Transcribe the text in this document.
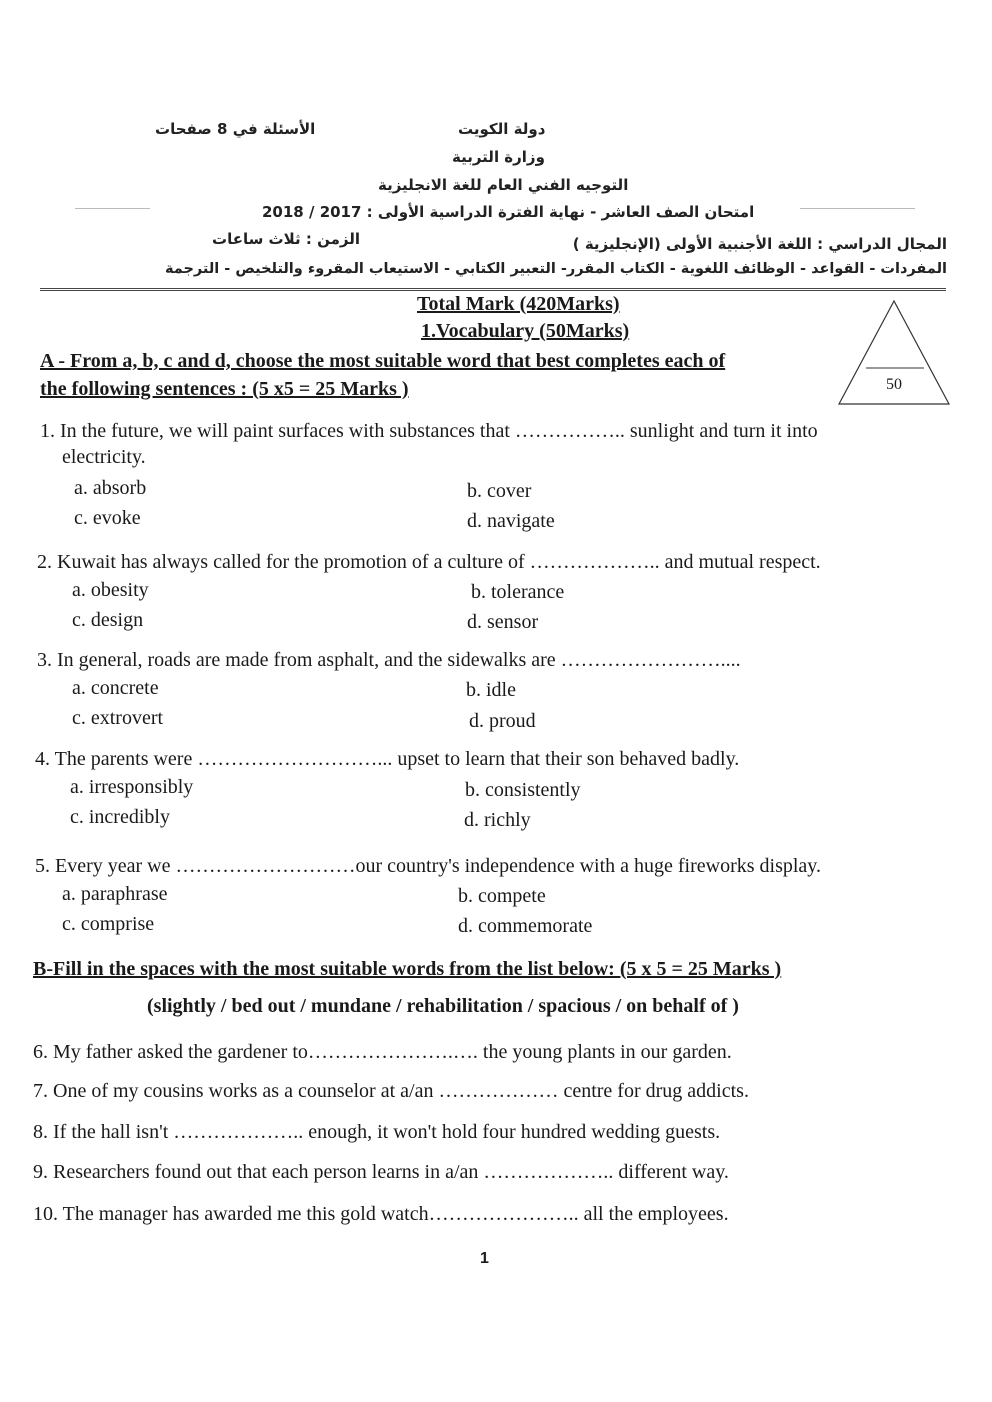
الأسئلة في 8 صفحات	دولة الكويت
وزارة التربية
التوجيه الفني العام للغة الانجليزية
امتحان الصف العاشر - نهاية الفترة الدراسية الأولى : 2017 / 2018
المجال الدراسي : اللغة الأجنبية الأولى (الإنجليزية )
الزمن : ثلاث ساعات
المفردات - القواعد - الوظائف اللغوية - الكتاب المقرر- التعبير الكتابي - الاستيعاب المقروء والتلخيص - الترجمة
Total Mark (420Marks)
1.Vocabulary (50Marks)
50
A - From a, b, c and d, choose the most suitable word that best completes each of
the following sentences : (5 x5 = 25 Marks )
1. In the future, we will paint surfaces with substances that …………….. sunlight and turn it into
electricity.
a. absorb	b. cover
c. evoke	d. navigate
2. Kuwait has always called for the promotion of a culture of ……………….. and mutual respect.
a. obesity	b. tolerance
c. design	d. sensor
3. In general, roads are made from asphalt, and the sidewalks are ……………………....
a. concrete	b. idle
c. extrovert	d. proud
4. The parents were ………………………... upset to learn that their son behaved badly.
a. irresponsibly	b. consistently
c. incredibly	d. richly
5. Every year we ………………………our country's independence with a huge fireworks display.
a. paraphrase	b. compete
c. comprise	d. commemorate
B-Fill in the spaces with the most suitable words from the list below: (5 x 5 = 25 Marks )
(slightly / bed out / mundane / rehabilitation / spacious / on behalf of )
6. My father asked the gardener to………………….…. the young plants in our garden.
7. One of my cousins works as a counselor at a/an ……………… centre for drug addicts.
8. If the hall isn't ……………….. enough, it won't hold four hundred wedding guests.
9. Researchers found out that each person learns in a/an ……………….. different way.
10. The manager has awarded me this gold watch………………….. all the employees.
1
